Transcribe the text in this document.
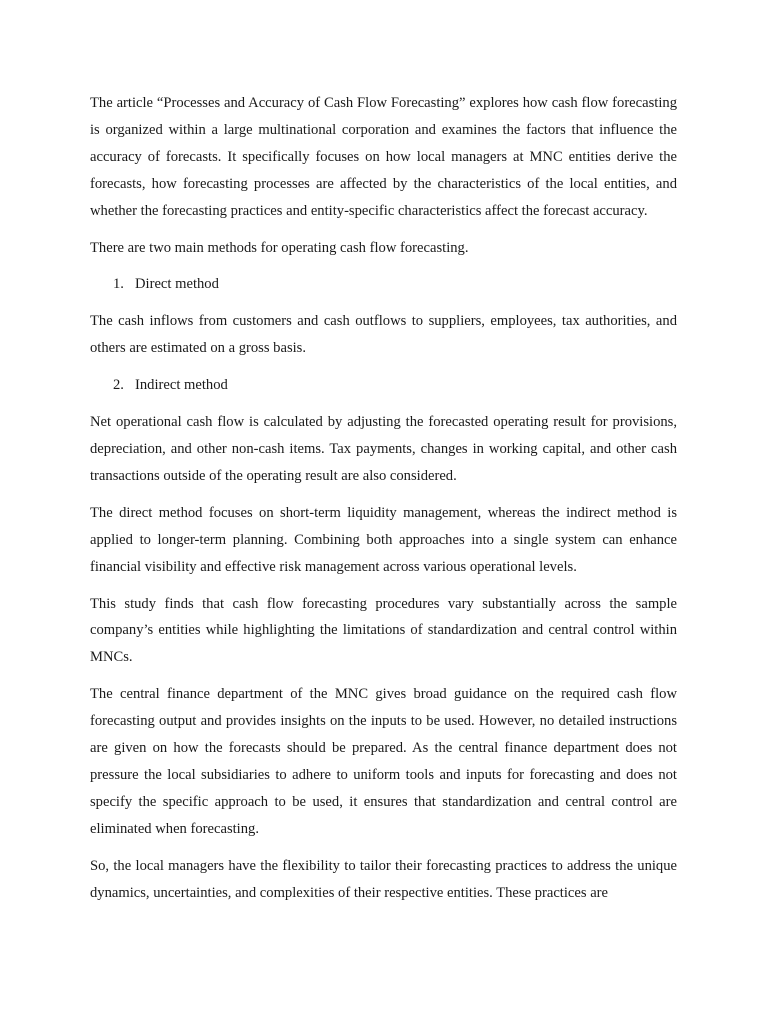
The article “Processes and Accuracy of Cash Flow Forecasting” explores how cash flow forecasting is organized within a large multinational corporation and examines the factors that influence the accuracy of forecasts. It specifically focuses on how local managers at MNC entities derive the forecasts, how forecasting processes are affected by the characteristics of the local entities, and whether the forecasting practices and entity-specific characteristics affect the forecast accuracy.

There are two main methods for operating cash flow forecasting.

1. Direct method

The cash inflows from customers and cash outflows to suppliers, employees, tax authorities, and others are estimated on a gross basis.

2. Indirect method

Net operational cash flow is calculated by adjusting the forecasted operating result for provisions, depreciation, and other non-cash items. Tax payments, changes in working capital, and other cash transactions outside of the operating result are also considered.

The direct method focuses on short-term liquidity management, whereas the indirect method is applied to longer-term planning. Combining both approaches into a single system can enhance financial visibility and effective risk management across various operational levels.

This study finds that cash flow forecasting procedures vary substantially across the sample company’s entities while highlighting the limitations of standardization and central control within MNCs.

The central finance department of the MNC gives broad guidance on the required cash flow forecasting output and provides insights on the inputs to be used. However, no detailed instructions are given on how the forecasts should be prepared. As the central finance department does not pressure the local subsidiaries to adhere to uniform tools and inputs for forecasting and does not specify the specific approach to be used, it ensures that standardization and central control are eliminated when forecasting.

So, the local managers have the flexibility to tailor their forecasting practices to address the unique dynamics, uncertainties, and complexities of their respective entities. These practices are
